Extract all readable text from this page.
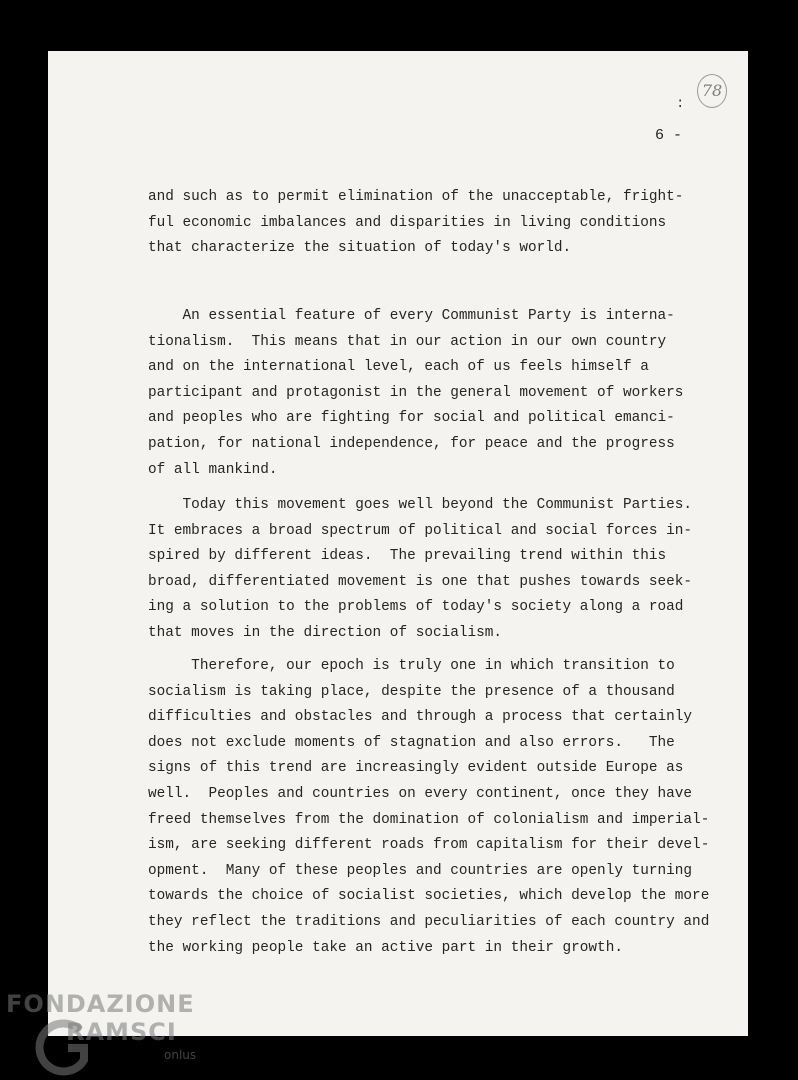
78
:
6 -

and such as to permit elimination of the unacceptable, fright-
ful economic imbalances and disparities in living conditions
that characterize the situation of today's world.

An essential feature of every Communist Party is interna-
tionalism.  This means that in our action in our own country
and on the international level, each of us feels himself a
participant and protagonist in the general movement of workers
and peoples who are fighting for social and political emanci-
pation, for national independence, for peace and the progress
of all mankind.

Today this movement goes well beyond the Communist Parties.
It embraces a broad spectrum of political and social forces in-
spired by different ideas.  The prevailing trend within this
broad, differentiated movement is one that pushes towards seek-
ing a solution to the problems of today's society along a road
that moves in the direction of socialism.

Therefore, our epoch is truly one in which transition to
socialism is taking place, despite the presence of a thousand
difficulties and obstacles and through a process that certainly
does not exclude moments of stagnation and also errors.   The
signs of this trend are increasingly evident outside Europe as
well.  Peoples and countries on every continent, once they have
freed themselves from the domination of colonialism and imperial-
ism, are seeking different roads from capitalism for their devel-
opment.  Many of these peoples and countries are openly turning
towards the choice of socialist societies, which develop the more
they reflect the traditions and peculiarities of each country and
the working people take an active part in their growth.

FONDAZIONE
RAMSCI
onlus
